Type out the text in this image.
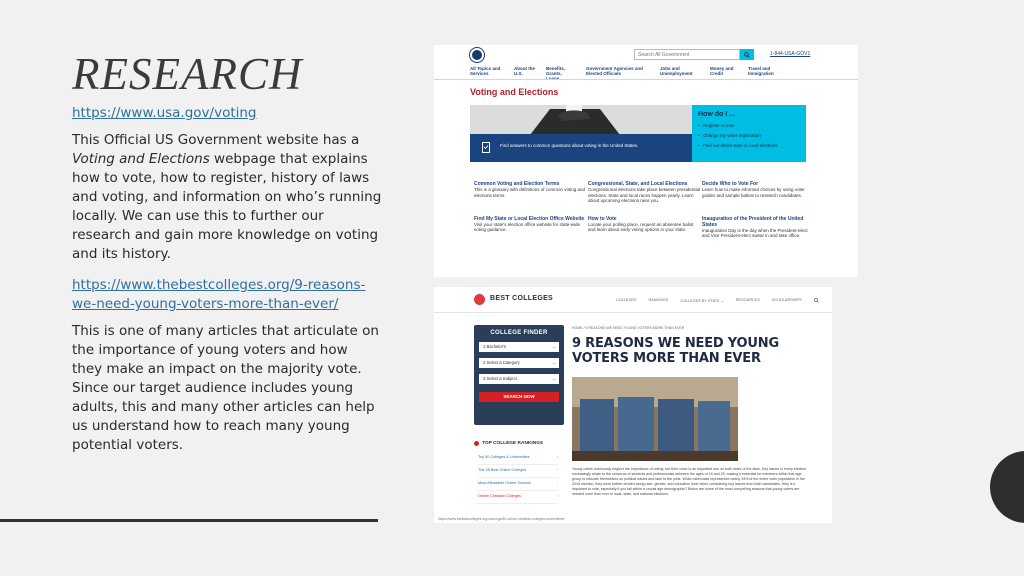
RESEARCH
https://www.usa.gov/voting

This Official US Government website has a Voting and Elections webpage that explains how to vote, how to register, history of laws and voting, and information on who’s running locally. We can use this to further our research and gain more knowledge on voting and its history.

https://www.thebestcolleges.org/9-reasons-we-need-young-voters-more-than-ever/

This is one of many articles that articulate on the importance of young voters and how they make an impact on the majority vote. Since our target audience includes young adults, this and many other articles can help us understand how to reach many young potential voters.

Search All Government	1-844-USA-GOV1
All Topics and Services
About the U.S.
Benefits, Grants,
Government Agencies and Elected Officials
Jobs and Unemployment
Money and Credit
Travel and Immigration
Voting and Elections
Find answers to common questions about voting in the United States.
How do I ...
• Register to vote
• Change my voter registration
• Find out about state or local elections
Common Voting and Election Terms
This is a glossary with definitions of common voting and elections terms.
Congressional, State, and Local Elections
Congressional elections take place between presidential elections. State and local races happen yearly. Learn about upcoming elections near you.
Decide Who to Vote For
Learn how to make informed choices by using voter guides and sample ballots to research candidates.
Find My State or Local Election Office Website
Visit your state's election office website for state-wide voting guidance.
How to Vote
Locate your polling place, request an absentee ballot and learn about early voting options in your state.
Inauguration of the President of the United States
Inauguration Day is the day when the President-elect and Vice President-elect swear in and take office.
BEST COLLEGES	COLLEGES	RANKINGS	COLLEGES BY STATE ⌄	RESOURCES	SCHOLARSHIPS
COLLEGE FINDER
1 Bachelor's	⌄
2 Select a Category	⌄
3 Select a Subject	⌄
SEARCH NOW
TOP COLLEGE RANKINGS
Top 50 Colleges & Universities	›
The 25 Best Online Colleges	›
Most Affordable Online Schools	›
Online Christian Colleges	›
HOME / 9 REASONS WE NEED YOUNG VOTERS MORE THAN EVER
9 REASONS WE NEED YOUNG VOTERS MORE THAN EVER
Young voters notoriously neglect the importance of voting; but their voice is an important one on both sides of the aisle. Key issues in every election increasingly relate to the concerns of students and professionals between the ages of 18 and 29, making it essential for members within that age group to educate themselves on political issues and take to the polls. While millennials represented nearly 34% of the entire voter population in the 2016 election, they were further divided along race, gender, and education level when considering key issues from both candidates. Why is it important to vote, especially if you fall within a crucial age demographic? Below are some of the most compelling reasons that young voters are needed more than ever in local, state, and national elections.
https://www.thebestcolleges.org/rankings/50-online-christian-colleges-universities/
